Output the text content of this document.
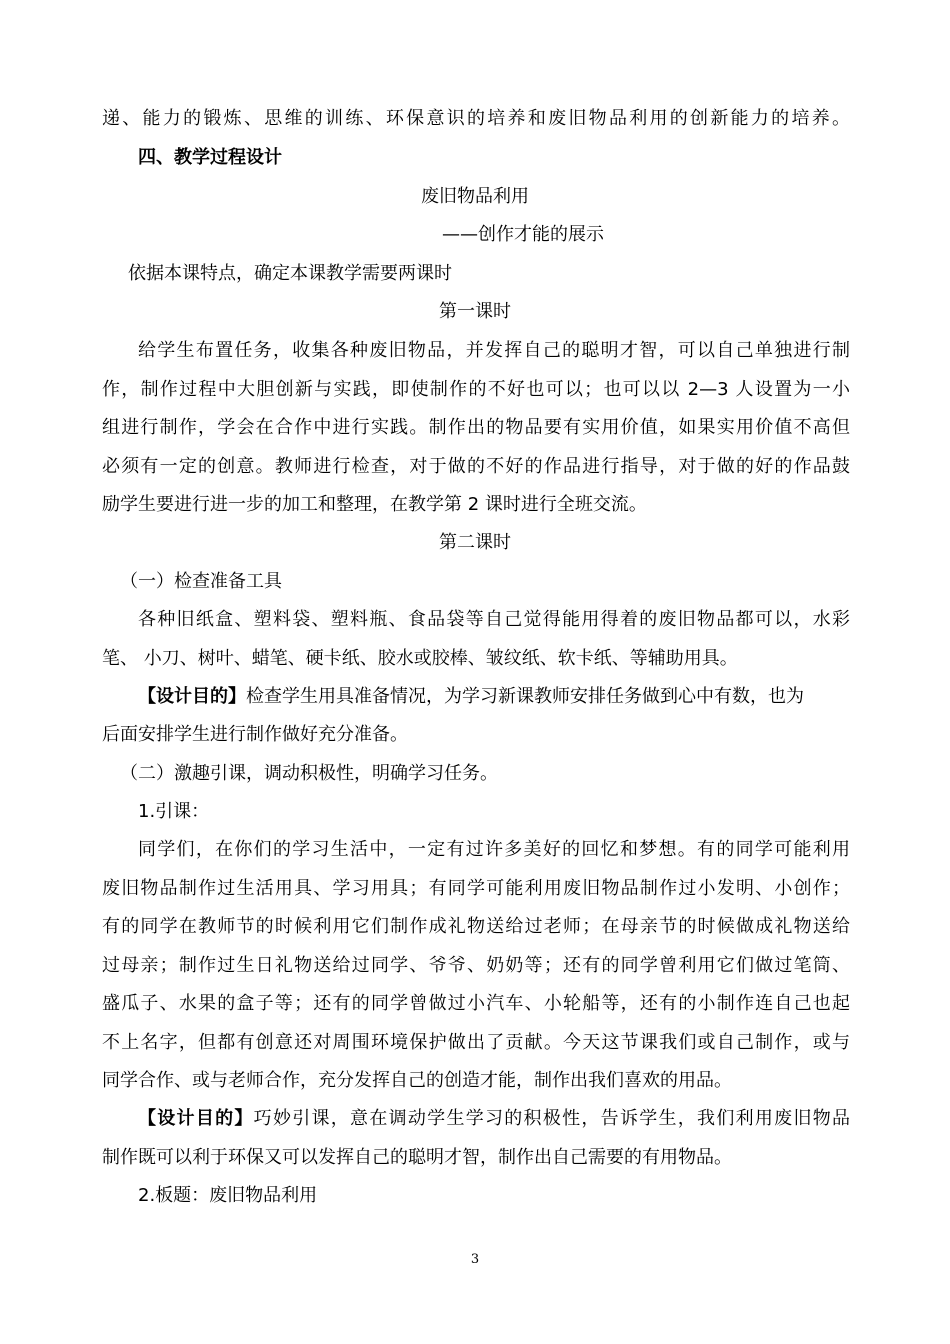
递、能力的锻炼、思维的训练、环保意识的培养和废旧物品利用的创新能力的培养。
四、教学过程设计
废旧物品利用
——创作才能的展示
依据本课特点，确定本课教学需要两课时
第一课时
给学生布置任务，收集各种废旧物品，并发挥自己的聪明才智，可以自己单独进行制
作，制作过程中大胆创新与实践，即使制作的不好也可以；也可以以 2—3 人设置为一小
组进行制作，学会在合作中进行实践。制作出的物品要有实用价值，如果实用价值不高但
必须有一定的创意。教师进行检查，对于做的不好的作品进行指导，对于做的好的作品鼓
励学生要进行进一步的加工和整理，在教学第 2 课时进行全班交流。
第二课时
（一）检查准备工具
各种旧纸盒、塑料袋、塑料瓶、食品袋等自己觉得能用得着的废旧物品都可以，水彩
笔、 小刀、树叶、蜡笔、硬卡纸、胶水或胶棒、皱纹纸、软卡纸、等辅助用具。
【设计目的】检查学生用具准备情况，为学习新课教师安排任务做到心中有数，也为
后面安排学生进行制作做好充分准备。
（二）激趣引课，调动积极性，明确学习任务。
1.引课：
同学们，在你们的学习生活中，一定有过许多美好的回忆和梦想。有的同学可能利用
废旧物品制作过生活用具、学习用具；有同学可能利用废旧物品制作过小发明、小创作；
有的同学在教师节的时候利用它们制作成礼物送给过老师；在母亲节的时候做成礼物送给
过母亲；制作过生日礼物送给过同学、爷爷、奶奶等；还有的同学曾利用它们做过笔筒、
盛瓜子、水果的盒子等；还有的同学曾做过小汽车、小轮船等，还有的小制作连自己也起
不上名字，但都有创意还对周围环境保护做出了贡献。今天这节课我们或自己制作，或与
同学合作、或与老师合作，充分发挥自己的创造才能，制作出我们喜欢的用品。
【设计目的】巧妙引课，意在调动学生学习的积极性，告诉学生，我们利用废旧物品
制作既可以利于环保又可以发挥自己的聪明才智，制作出自己需要的有用物品。
2.板题：废旧物品利用
3
